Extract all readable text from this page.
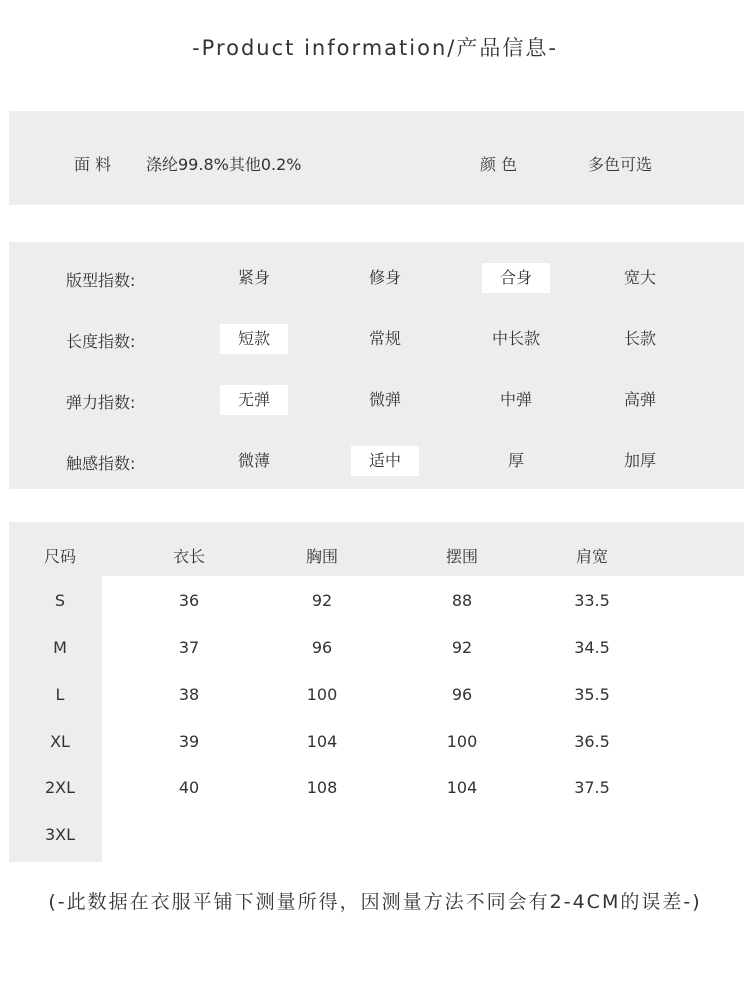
-Product information/产品信息-
面 料 涤纶99.8%其他0.2%	颜 色	多色可选
版型指数:	紧身	修身	合身	宽大
长度指数:	短款	常规	中长款	长款
弹力指数:	无弹	微弹	中弹	高弹
触感指数:	微薄	适中	厚	加厚
尺码	衣长	胸围	摆围	肩宽
S	36	92	88	33.5
M	37	96	92	34.5
L	38	100	96	35.5
XL	39	104	100	36.5
2XL	40	108	104	37.5
3XL
(-此数据在衣服平铺下测量所得，因测量方法不同会有2-4CM的误差-)
